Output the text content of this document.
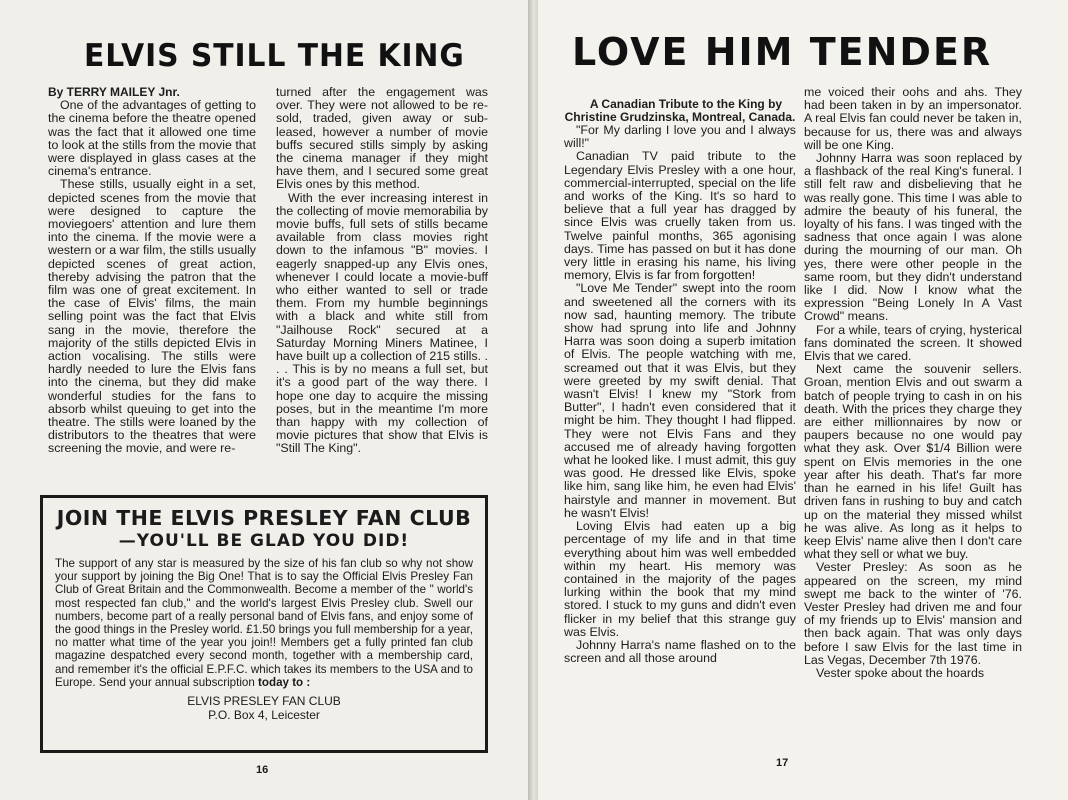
ELVIS STILL THE KING

By TERRY MAILEY Jnr.

One of the advantages of getting to the cinema before the theatre opened was the fact that it allowed one time to look at the stills from the movie that were displayed in glass cases at the cinema's entrance.

These stills, usually eight in a set, depicted scenes from the movie that were designed to capture the moviegoers' attention and lure them into the cinema. If the movie were a western or a war film, the stills usually depicted scenes of great action, thereby advising the patron that the film was one of great excitement. In the case of Elvis' films, the main selling point was the fact that Elvis sang in the movie, therefore the majority of the stills depicted Elvis in action vocalising. The stills were hardly needed to lure the Elvis fans into the cinema, but they did make wonderful studies for the fans to absorb whilst queuing to get into the theatre. The stills were loaned by the distributors to the theatres that were screening the movie, and were re-

turned after the engagement was over. They were not allowed to be re-sold, traded, given away or sub-leased, however a number of movie buffs secured stills simply by asking the cinema manager if they might have them, and I secured some great Elvis ones by this method.

With the ever increasing interest in the collecting of movie memorabilia by movie buffs, full sets of stills became available from class movies right down to the infamous "B" movies. I eagerly snapped-up any Elvis ones, whenever I could locate a movie-buff who either wanted to sell or trade them. From my humble beginnings with a black and white still from "Jailhouse Rock" secured at a Saturday Morning Miners Matinee, I have built up a collection of 215 stills. . . . This is by no means a full set, but it's a good part of the way there. I hope one day to acquire the missing poses, but in the meantime I'm more than happy with my collection of movie pictures that show that Elvis is "Still The King".

JOIN THE ELVIS PRESLEY FAN CLUB
—YOU'LL BE GLAD YOU DID!

The support of any star is measured by the size of his fan club so why not show your support by joining the Big One! That is to say the Official Elvis Presley Fan Club of Great Britain and the Commonwealth. Become a member of the " world's most respected fan club," and the world's largest Elvis Presley club. Swell our numbers, become part of a really personal band of Elvis fans, and enjoy some of the good things in the Presley world. £1.50 brings you full membership for a year, no matter what time of the year you join!! Members get a fully printed fan club magazine despatched every second month, together with a membership card, and remember it's the official E.P.F.C. which takes its members to the USA and to Europe. Send your annual subscription today to :

ELVIS PRESLEY FAN CLUB
P.O. Box 4, Leicester
16
LOVE HIM TENDER

A Canadian Tribute to the King by Christine Grudzinska, Montreal, Canada.

"For My darling I love you and I always will!"

Canadian TV paid tribute to the Legendary Elvis Presley with a one hour, commercial-interrupted, special on the life and works of the King. It's so hard to believe that a full year has dragged by since Elvis was cruelly taken from us. Twelve painful months, 365 agonising days. Time has passed on but it has done very little in erasing his name, his living memory, Elvis is far from forgotten!

"Love Me Tender" swept into the room and sweetened all the corners with its now sad, haunting memory. The tribute show had sprung into life and Johnny Harra was soon doing a superb imitation of Elvis. The people watching with me, screamed out that it was Elvis, but they were greeted by my swift denial. That wasn't Elvis! I knew my "Stork from Butter", I hadn't even considered that it might be him. They thought I had flipped. They were not Elvis Fans and they accused me of already having forgotten what he looked like. I must admit, this guy was good. He dressed like Elvis, spoke like him, sang like him, he even had Elvis' hairstyle and manner in movement. But he wasn't Elvis!

Loving Elvis had eaten up a big percentage of my life and in that time everything about him was well embedded within my heart. His memory was contained in the majority of the pages lurking within the book that my mind stored. I stuck to my guns and didn't even flicker in my belief that this strange guy was Elvis.

Johnny Harra's name flashed on to the screen and all those around

me voiced their oohs and ahs. They had been taken in by an impersonator. A real Elvis fan could never be taken in, because for us, there was and always will be one King.

Johnny Harra was soon replaced by a flashback of the real King's funeral. I still felt raw and disbelieving that he was really gone. This time I was able to admire the beauty of his funeral, the loyalty of his fans. I was tinged with the sadness that once again I was alone during the mourning of our man. Oh yes, there were other people in the same room, but they didn't understand like I did. Now I know what the expression "Being Lonely In A Vast Crowd" means.

For a while, tears of crying, hysterical fans dominated the screen. It showed Elvis that we cared.

Next came the souvenir sellers. Groan, mention Elvis and out swarm a batch of people trying to cash in on his death. With the prices they charge they are either millionnaires by now or paupers because no one would pay what they ask. Over $1/4 Billion were spent on Elvis memories in the one year after his death. That's far more than he earned in his life! Guilt has driven fans in rushing to buy and catch up on the material they missed whilst he was alive. As long as it helps to keep Elvis' name alive then I don't care what they sell or what we buy.

Vester Presley: As soon as he appeared on the screen, my mind swept me back to the winter of '76. Vester Presley had driven me and four of my friends up to Elvis' mansion and then back again. That was only days before I saw Elvis for the last time in Las Vegas, December 7th 1976.

Vester spoke about the hoards

17
